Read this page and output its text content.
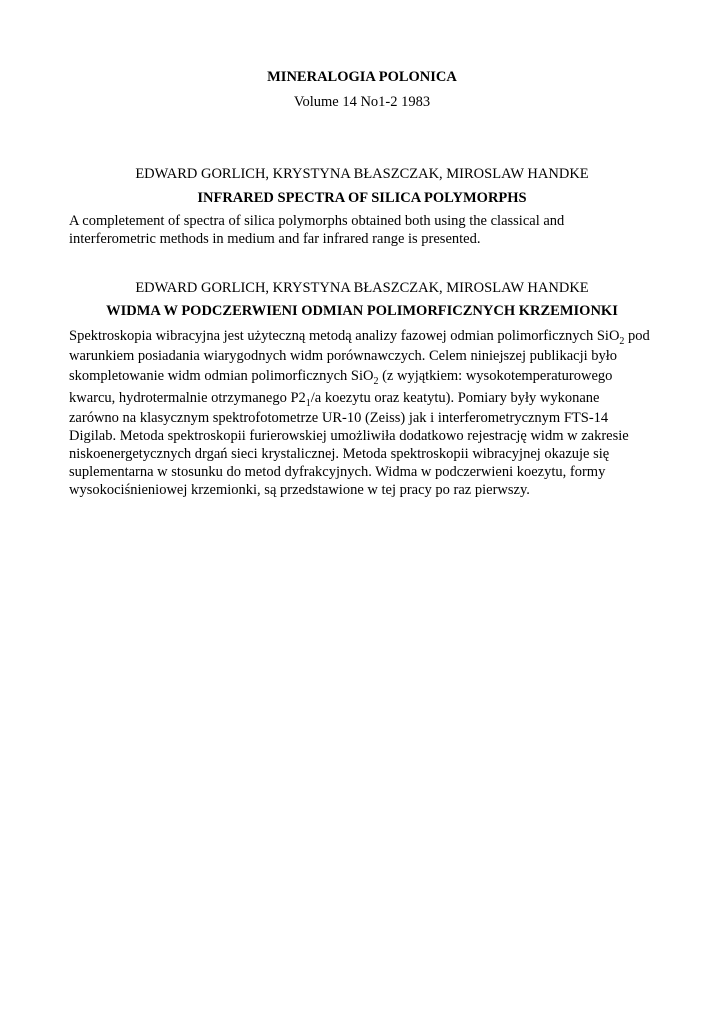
MINERALOGIA POLONICA
Volume 14 No1-2 1983
EDWARD GORLICH, KRYSTYNA BŁASZCZAK, MIROSLAW HANDKE
INFRARED SPECTRA OF SILICA POLYMORPHS
A completement of spectra of silica polymorphs obtained both using the classical and
interferometric methods in medium and far infrared range is presented.
EDWARD GORLICH, KRYSTYNA BŁASZCZAK, MIROSLAW HANDKE
WIDMA W PODCZERWIENI ODMIAN POLIMORFICZNYCH KRZEMIONKI
Spektroskopia wibracyjna jest użyteczną metodą analizy fazowej odmian polimorficznych SiO$_2$ pod
warunkiem posiadania wiarygodnych widm porównawczych. Celem niniejszej publikacji było
skompletowanie widm odmian polimorficznych SiO$_2$ (z wyjątkiem: wysokotemperaturowego
kwarcu, hydrotermalnie otrzymanego $P2_1/a$ koezytu oraz keatytu). Pomiary były wykonane
zarówno na klasycznym spektrofotometrze UR-10 (Zeiss) jak i interferometrycznym FTS-14
Digilab. Metoda spektroskopii furierowskiej umożliwiła dodatkowo rejestrację widm w zakresie
niskoenergetycznych drgań sieci krystalicznej. Metoda spektroskopii wibracyjnej okazuje się
suplementarna w stosunku do metod dyfrakcyjnych. Widma w podczerwieni koezytu, formy
wysokociśnieniowej krzemionki, są przedstawione w tej pracy po raz pierwszy.
